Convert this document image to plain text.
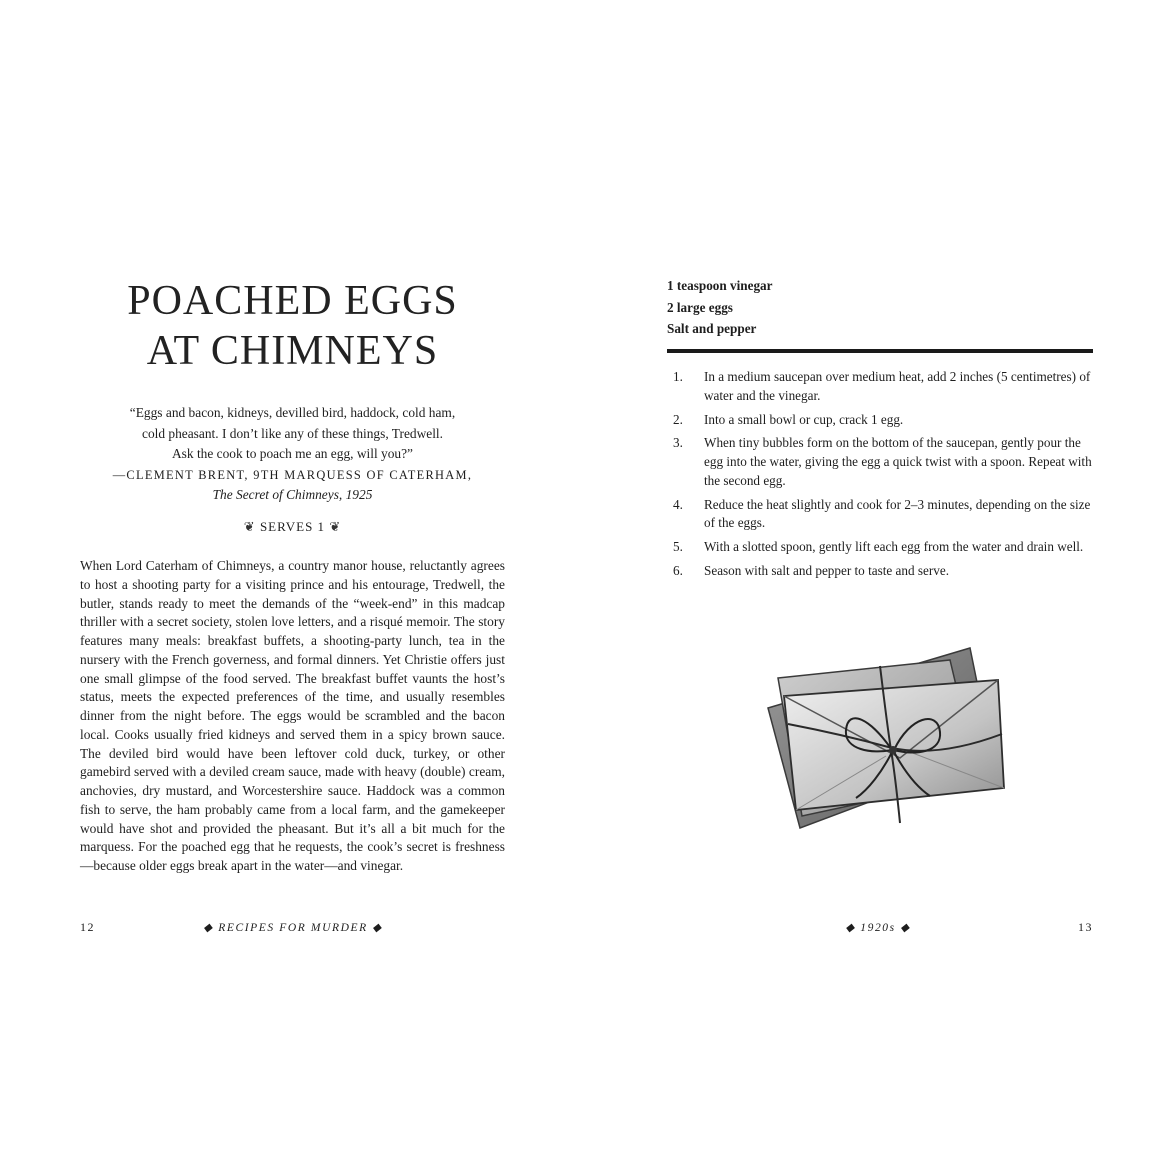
POACHED EGGS
AT CHIMNEYS
“Eggs and bacon, kidneys, devilled bird, haddock, cold ham,
cold pheasant. I don’t like any of these things, Tredwell.
Ask the cook to poach me an egg, will you?”
—CLEMENT BRENT, 9TH MARQUESS OF CATERHAM,
The Secret of Chimneys, 1925
❦ SERVES 1 ❦

When Lord Caterham of Chimneys, a country manor house, reluctantly agrees to host a shooting party for a visiting prince and his entourage, Tredwell, the butler, stands ready to meet the demands of the “week-end” in this madcap thriller with a secret society, stolen love letters, and a risqué memoir. The story features many meals: breakfast buffets, a shooting-party lunch, tea in the nursery with the French governess, and formal dinners. Yet Christie offers just one small glimpse of the food served. The breakfast buffet vaunts the host’s status, meets the expected preferences of the time, and usually resembles dinner from the night before. The eggs would be scrambled and the bacon local. Cooks usually fried kidneys and served them in a spicy brown sauce. The deviled bird would have been leftover cold duck, turkey, or other gamebird served with a deviled cream sauce, made with heavy (double) cream, anchovies, dry mustard, and Worcestershire sauce. Haddock was a common fish to serve, the ham probably came from a local farm, and the gamekeeper would have shot and provided the pheasant. But it’s all a bit much for the marquess. For the poached egg that he requests, the cook’s secret is freshness—because older eggs break apart in the water—and vinegar.

12	◆ RECIPES FOR MURDER ◆
1 teaspoon vinegar
2 large eggs
Salt and pepper
1.	In a medium saucepan over medium heat, add 2 inches (5 centimetres) of water and the vinegar.
2.	Into a small bowl or cup, crack 1 egg.
3.	When tiny bubbles form on the bottom of the saucepan, gently pour the egg into the water, giving the egg a quick twist with a spoon. Repeat with the second egg.
4.	Reduce the heat slightly and cook for 2–3 minutes, depending on the size of the eggs.
5.	With a slotted spoon, gently lift each egg from the water and drain well.
6.	Season with salt and pepper to taste and serve.
◆ 1920s ◆	13
